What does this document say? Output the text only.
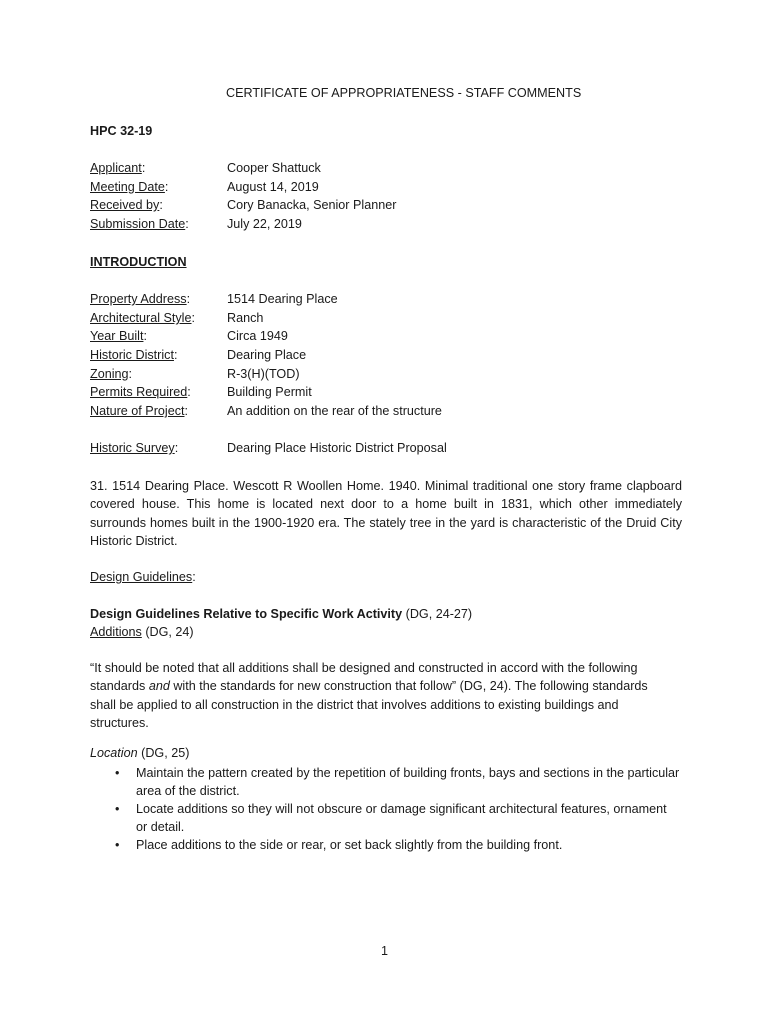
CERTIFICATE OF APPROPRIATENESS - STAFF COMMENTS
HPC 32-19
Applicant:	Cooper Shattuck
Meeting Date:	August 14, 2019
Received by:	Cory Banacka, Senior Planner
Submission Date:	July 22, 2019
INTRODUCTION
Property Address:	1514 Dearing Place
Architectural Style:	Ranch
Year Built:	Circa 1949
Historic District:	Dearing Place
Zoning:	R-3(H)(TOD)
Permits Required:	Building Permit
Nature of Project:	An addition on the rear of the structure
Historic Survey:	Dearing Place Historic District Proposal
31. 1514 Dearing Place. Wescott R Woollen Home. 1940. Minimal traditional one story frame clapboard covered house. This home is located next door to a home built in 1831, which other immediately surrounds homes built in the 1900-1920 era. The stately tree in the yard is characteristic of the Druid City Historic District.
Design Guidelines:
Design Guidelines Relative to Specific Work Activity (DG, 24-27)
Additions (DG, 24)
“It should be noted that all additions shall be designed and constructed in accord with the following standards and with the standards for new construction that follow” (DG, 24). The following standards shall be applied to all construction in the district that involves additions to existing buildings and structures.
Location (DG, 25)
• Maintain the pattern created by the repetition of building fronts, bays and sections in the particular area of the district.
• Locate additions so they will not obscure or damage significant architectural features, ornament or detail.
• Place additions to the side or rear, or set back slightly from the building front.
1
